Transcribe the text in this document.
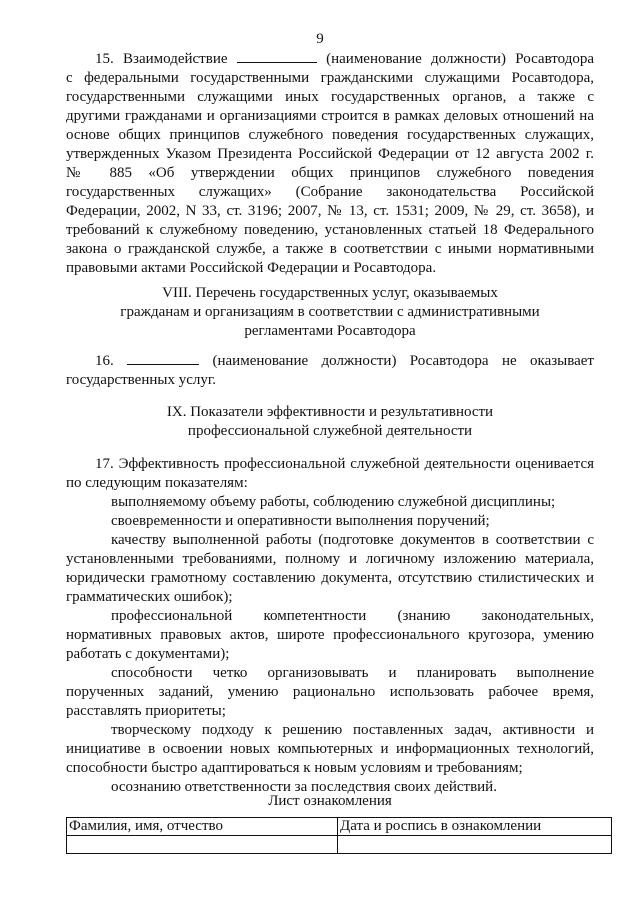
9
15. Взаимодействие	(наименование должности) Росавтодора
с федеральными государственными гражданскими служащими Росавтодора,
государственными служащими иных государственных органов, а также с
другими гражданами и организациями строится в рамках деловых отношений на
основе общих принципов служебного поведения государственных служащих,
утвержденных Указом Президента Российской Федерации от 12 августа 2002 г.
№ 885 «Об утверждении общих принципов служебного поведения
государственных служащих» (Собрание законодательства Российской
Федерации, 2002, N 33, ст. 3196; 2007, № 13, ст. 1531; 2009, № 29, ст. 3658), и
требований к служебному поведению, установленных статьей 18 Федерального
закона о гражданской службе, а также в соответствии с иными нормативными
правовыми актами Российской Федерации и Росавтодора.
VIII. Перечень государственных услуг, оказываемых
гражданам и организациям в соответствии с административными
регламентами Росавтодора
16.	(наименование должности) Росавтодора не оказывает
государственных услуг.
IX. Показатели эффективности и результативности
профессиональной служебной деятельности
17. Эффективность профессиональной служебной деятельности оценивается
по следующим показателям:
выполняемому объему работы, соблюдению служебной дисциплины;
своевременности и оперативности выполнения поручений;
качеству выполненной работы (подготовке документов в соответствии с
установленными требованиями, полному и логичному изложению материала,
юридически грамотному составлению документа, отсутствию стилистических и
грамматических ошибок);
профессиональной компетентности (знанию законодательных,
нормативных правовых актов, широте профессионального кругозора, умению
работать с документами);
способности четко организовывать и планировать выполнение
порученных заданий, умению рационально использовать рабочее время,
расставлять приоритеты;
творческому подходу к решению поставленных задач, активности и
инициативе в освоении новых компьютерных и информационных технологий,
способности быстро адаптироваться к новым условиям и требованиям;
осознанию ответственности за последствия своих действий.
Лист ознакомления
Фамилия, имя, отчество	Дата и роспись в ознакомлении
